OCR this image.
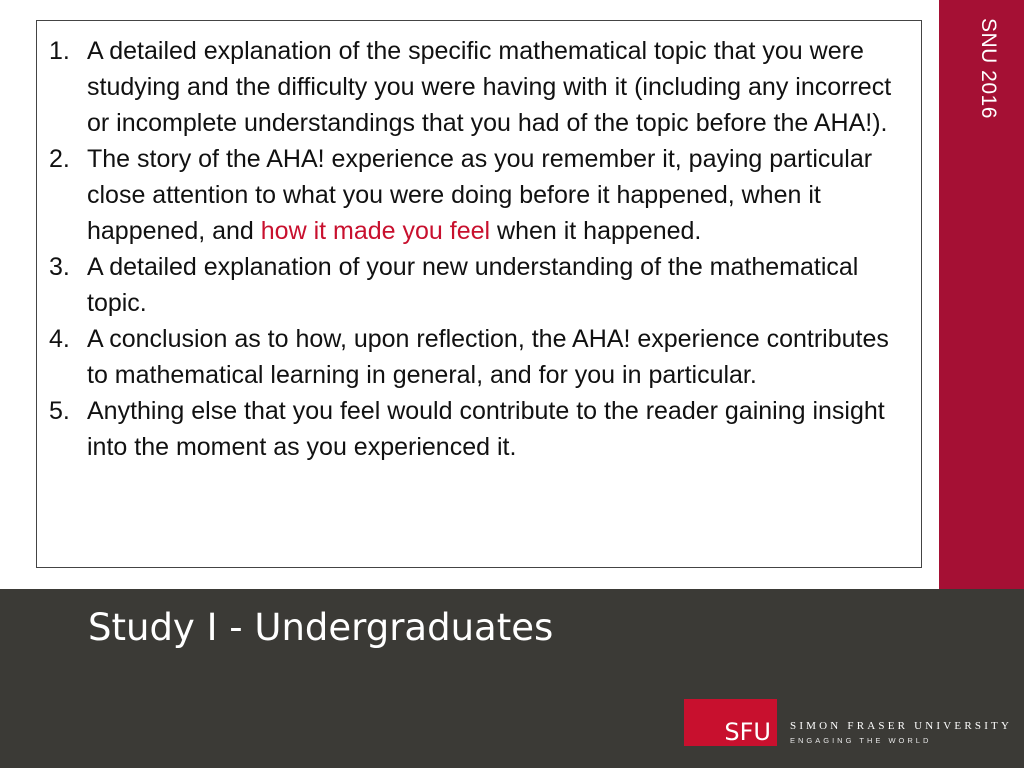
SNU 2016
1. A detailed explanation of the specific mathematical topic that you were studying and the difficulty you were having with it (including any incorrect or incomplete understandings that you had of the topic before the AHA!).
2. The story of the AHA! experience as you remember it, paying particular close attention to what you were doing before it happened, when it happened, and how it made you feel when it happened.
3. A detailed explanation of your new understanding of the mathematical topic.
4. A conclusion as to how, upon reflection, the AHA! experience contributes to mathematical learning in general, and for you in particular.
5. Anything else that you feel would contribute to the reader gaining insight into the moment as you experienced it.
Study I - Undergraduates
SFU SIMON FRASER UNIVERSITY
ENGAGING THE WORLD
